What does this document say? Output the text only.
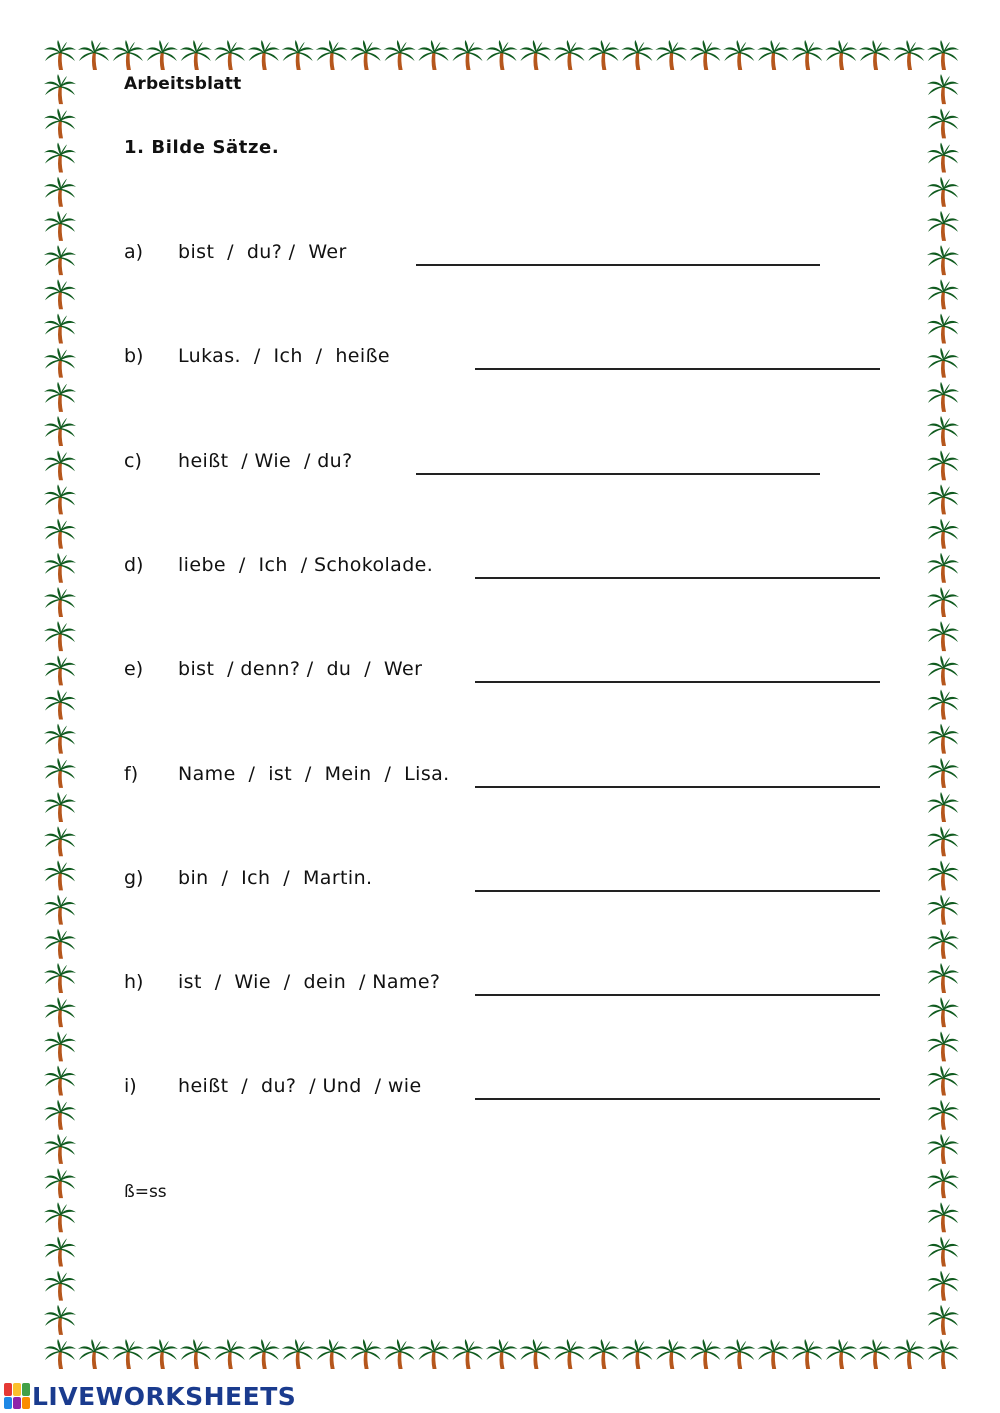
Arbeitsblatt
1. Bilde Sätze.
a) bist  /  du? /  Wer
b) Lukas.  /  Ich  /  heiße
c) heißt  / Wie  / du?
d) liebe  /  Ich  / Schokolade.
e) bist  / denn? /  du  /  Wer
f) Name  /  ist  /  Mein  /  Lisa.
g) bin  /  Ich  /  Martin.
h) ist  /  Wie  /  dein  / Name?
i) heißt  /  du?  / Und  / wie
ß=ss
LIVEWORKSHEETS
